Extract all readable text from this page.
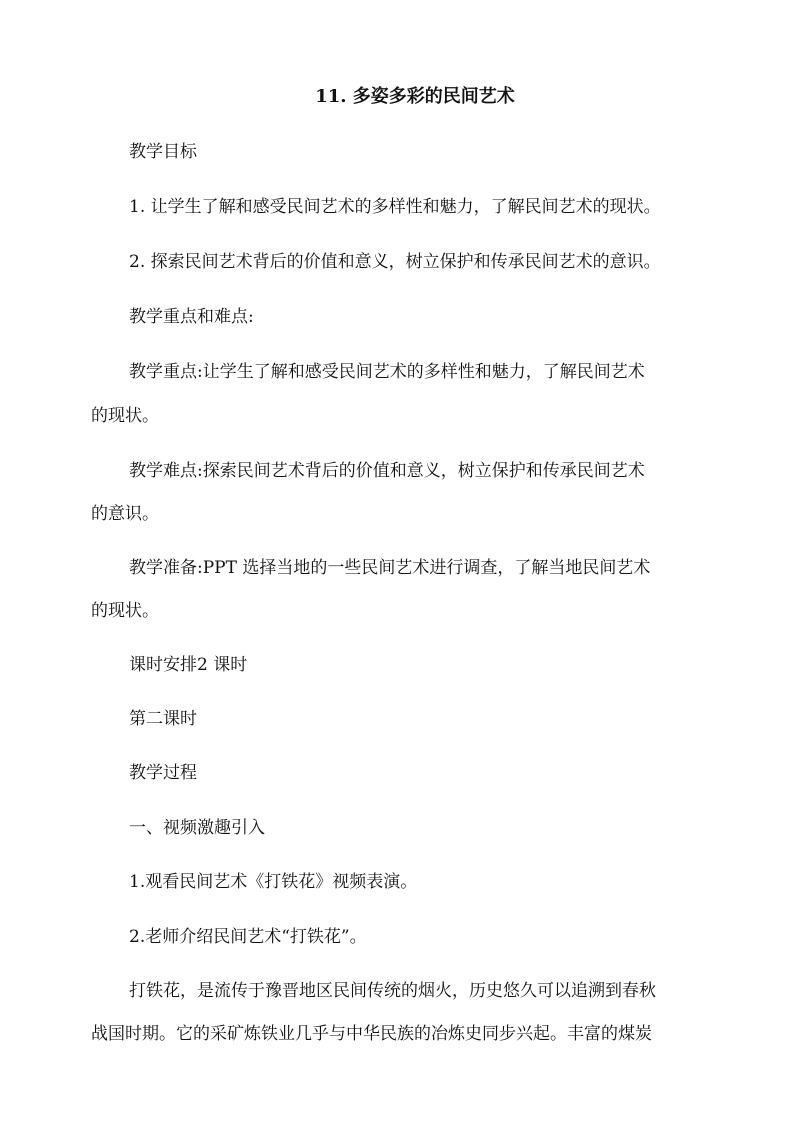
11. 多姿多彩的民间艺术
教学目标
1. 让学生了解和感受民间艺术的多样性和魅力，了解民间艺术的现状。
2. 探索民间艺术背后的价值和意义，树立保护和传承民间艺术的意识。
教学重点和难点:
教学重点:让学生了解和感受民间艺术的多样性和魅力，了解民间艺术
的现状。
教学难点:探索民间艺术背后的价值和意义，树立保护和传承民间艺术
的意识。
教学准备:PPT 选择当地的一些民间艺术进行调查，了解当地民间艺术
的现状。
课时安排2 课时
第二课时
教学过程
一、视频激趣引入
1.观看民间艺术《打铁花》视频表演。
2.老师介绍民间艺术“打铁花”。
打铁花，是流传于豫晋地区民间传统的烟火，历史悠久可以追溯到春秋
战国时期。它的采矿炼铁业几乎与中华民族的冶炼史同步兴起。丰富的煤炭
